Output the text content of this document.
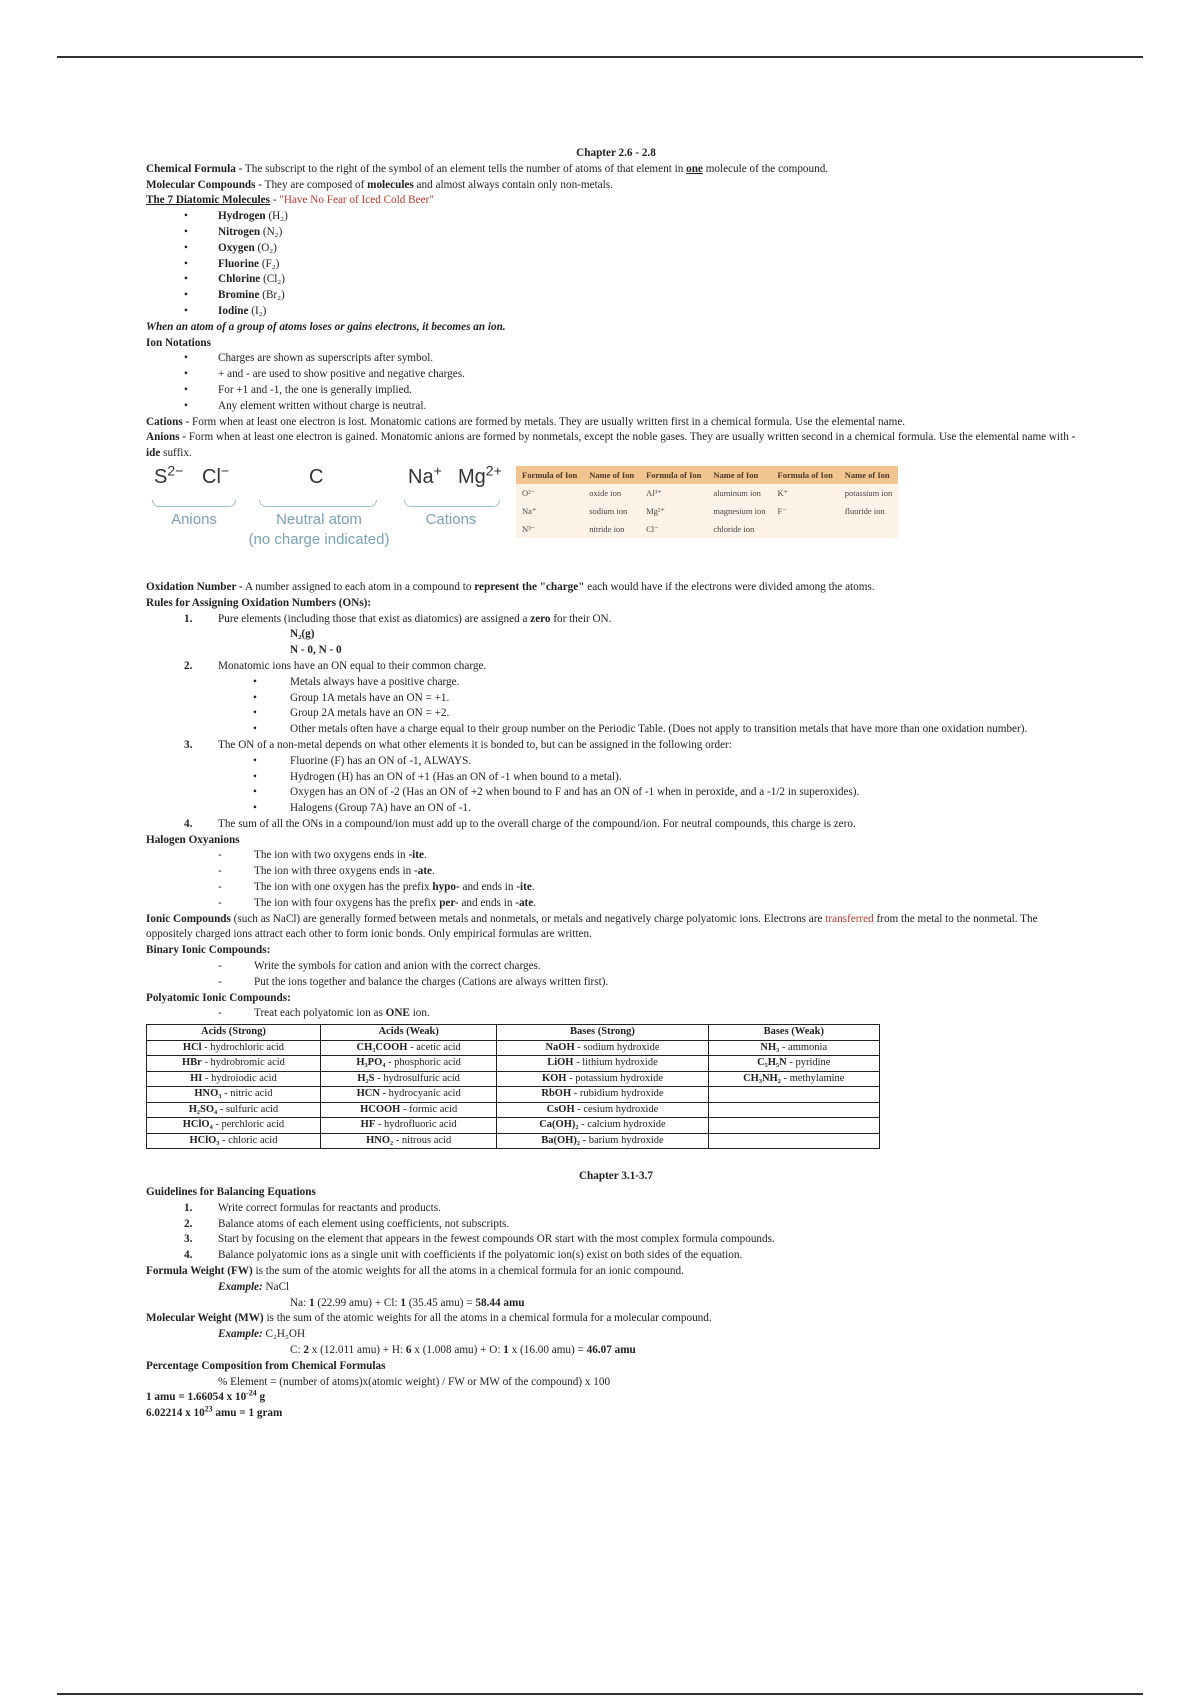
Chapter 2.6 - 2.8

Chemical Formula - The subscript to the right of the symbol of an element tells the number of atoms of that element in one molecule of the compound.

Molecular Compounds - They are composed of molecules and almost always contain only non-metals.

The 7 Diatomic Molecules - "Have No Fear of Iced Cold Beer"

• Hydrogen (H₂)
• Nitrogen (N₂)
• Oxygen (O₂)
• Fluorine (F₂)
• Chlorine (Cl₂)
• Bromine (Br₂)
• Iodine (I₂)

When an atom of a group of atoms loses or gains electrons, it becomes an ion.

Ion Notations

• Charges are shown as superscripts after symbol.
• + and - are used to show positive and negative charges.
• For +1 and -1, the one is generally implied.
• Any element written without charge is neutral.

Cations - Form when at least one electron is lost. Monatomic cations are formed by metals. They are usually written first in a chemical formula. Use the elemental name.

Anions - Form when at least one electron is gained. Monatomic anions are formed by nonmetals, except the noble gases. They are usually written second in a chemical formula. Use the elemental name with -ide suffix.

$S^{2-}$ Cl−
Anions
C
Neutral atom
(no charge indicated)
Na+ $Mg^{2+}$
Cations
Formula of Ion	Name of Ion	Formula of Ion	Name of Ion	Formula of Ion	Name of Ion
O²⁻	oxide ion	Al³⁺	aluminum ion	K⁺	potassium ion
Na⁺	sodium ion	Mg²⁺	magnesium ion	F⁻	fluoride ion
N³⁻	nitride ion	Cl⁻	chloride ion		

Oxidation Number - A number assigned to each atom in a compound to represent the "charge" each would have if the electrons were divided among the atoms.

Rules for Assigning Oxidation Numbers (ONs):

1. Pure elements (including those that exist as diatomics) are assigned a zero for their ON.

N₂(g)

N - 0, N - 0

2. Monatomic ions have an ON equal to their common charge.

• Metals always have a positive charge.
• Group 1A metals have an ON = +1.
• Group 2A metals have an ON = +2.
• Other metals often have a charge equal to their group number on the Periodic Table. (Does not apply to transition metals that have more than one oxidation number).

3. The ON of a non-metal depends on what other elements it is bonded to, but can be assigned in the following order:

• Fluorine (F) has an ON of -1, ALWAYS.
• Hydrogen (H) has an ON of +1 (Has an ON of -1 when bound to a metal).
• Oxygen has an ON of -2 (Has an ON of +2 when bound to F and has an ON of -1 when in peroxide, and a -1/2 in superoxides).
• Halogens (Group 7A) have an ON of -1.

4. The sum of all the ONs in a compound/ion must add up to the overall charge of the compound/ion. For neutral compounds, this charge is zero.

Halogen Oxyanions

- The ion with two oxygens ends in -ite.
- The ion with three oxygens ends in -ate.
- The ion with one oxygen has the prefix hypo- and ends in -ite.
- The ion with four oxygens has the prefix per- and ends in -ate.

Ionic Compounds (such as NaCl) are generally formed between metals and nonmetals, or metals and negatively charge polyatomic ions. Electrons are transferred from the metal to the nonmetal. The oppositely charged ions attract each other to form ionic bonds. Only empirical formulas are written.

Binary Ionic Compounds:

- Write the symbols for cation and anion with the correct charges.
- Put the ions together and balance the charges (Cations are always written first).

Polyatomic Ionic Compounds:

- Treat each polyatomic ion as ONE ion.
Acids (Strong)	Acids (Weak)	Bases (Strong)	Bases (Weak)
HCl - hydrochloric acid	CH₃COOH - acetic acid	NaOH - sodium hydroxide	NH₃ - ammonia
HBr - hydrobromic acid	H₃PO₄ - phosphoric acid	LiOH - lithium hydroxide	C₅H₅N - pyridine
HI - hydroiodic acid	H₂S - hydrosulfuric acid	KOH - potassium hydroxide	CH₃NH₂ - methylamine
HNO₃ - nitric acid	HCN - hydrocyanic acid	RbOH - rubidium hydroxide	
H₂SO₄ - sulfuric acid	HCOOH - formic acid	CsOH - cesium hydroxide	
HClO₄ - perchloric acid	HF - hydrofluoric acid	Ca(OH)₂ - calcium hydroxide	
HClO₃ - chloric acid	HNO₂ - nitrous acid	Ba(OH)₂ - barium hydroxide	

Chapter 3.1-3.7

Guidelines for Balancing Equations

1. Write correct formulas for reactants and products.

2. Balance atoms of each element using coefficients, not subscripts.

3. Start by focusing on the element that appears in the fewest compounds OR start with the most complex formula compounds.

4. Balance polyatomic ions as a single unit with coefficients if the polyatomic ion(s) exist on both sides of the equation.

Formula Weight (FW) is the sum of the atomic weights for all the atoms in a chemical formula for an ionic compound.

Example: NaCl

Na: 1 (22.99 amu) + Cl: 1 (35.45 amu) = 58.44 amu

Molecular Weight (MW) is the sum of the atomic weights for all the atoms in a chemical formula for a molecular compound.

Example: C₂H₅OH

C: 2 x (12.011 amu) + H: 6 x (1.008 amu) + O: 1 x (16.00 amu) = 46.07 amu

Percentage Composition from Chemical Formulas

% Element = (number of atoms)x(atomic weight) / FW or MW of the compound) x 100

1 amu = 1.66054 x $10^{-24}$ g

6.02214 x $10^{23}$ amu = 1 gram
